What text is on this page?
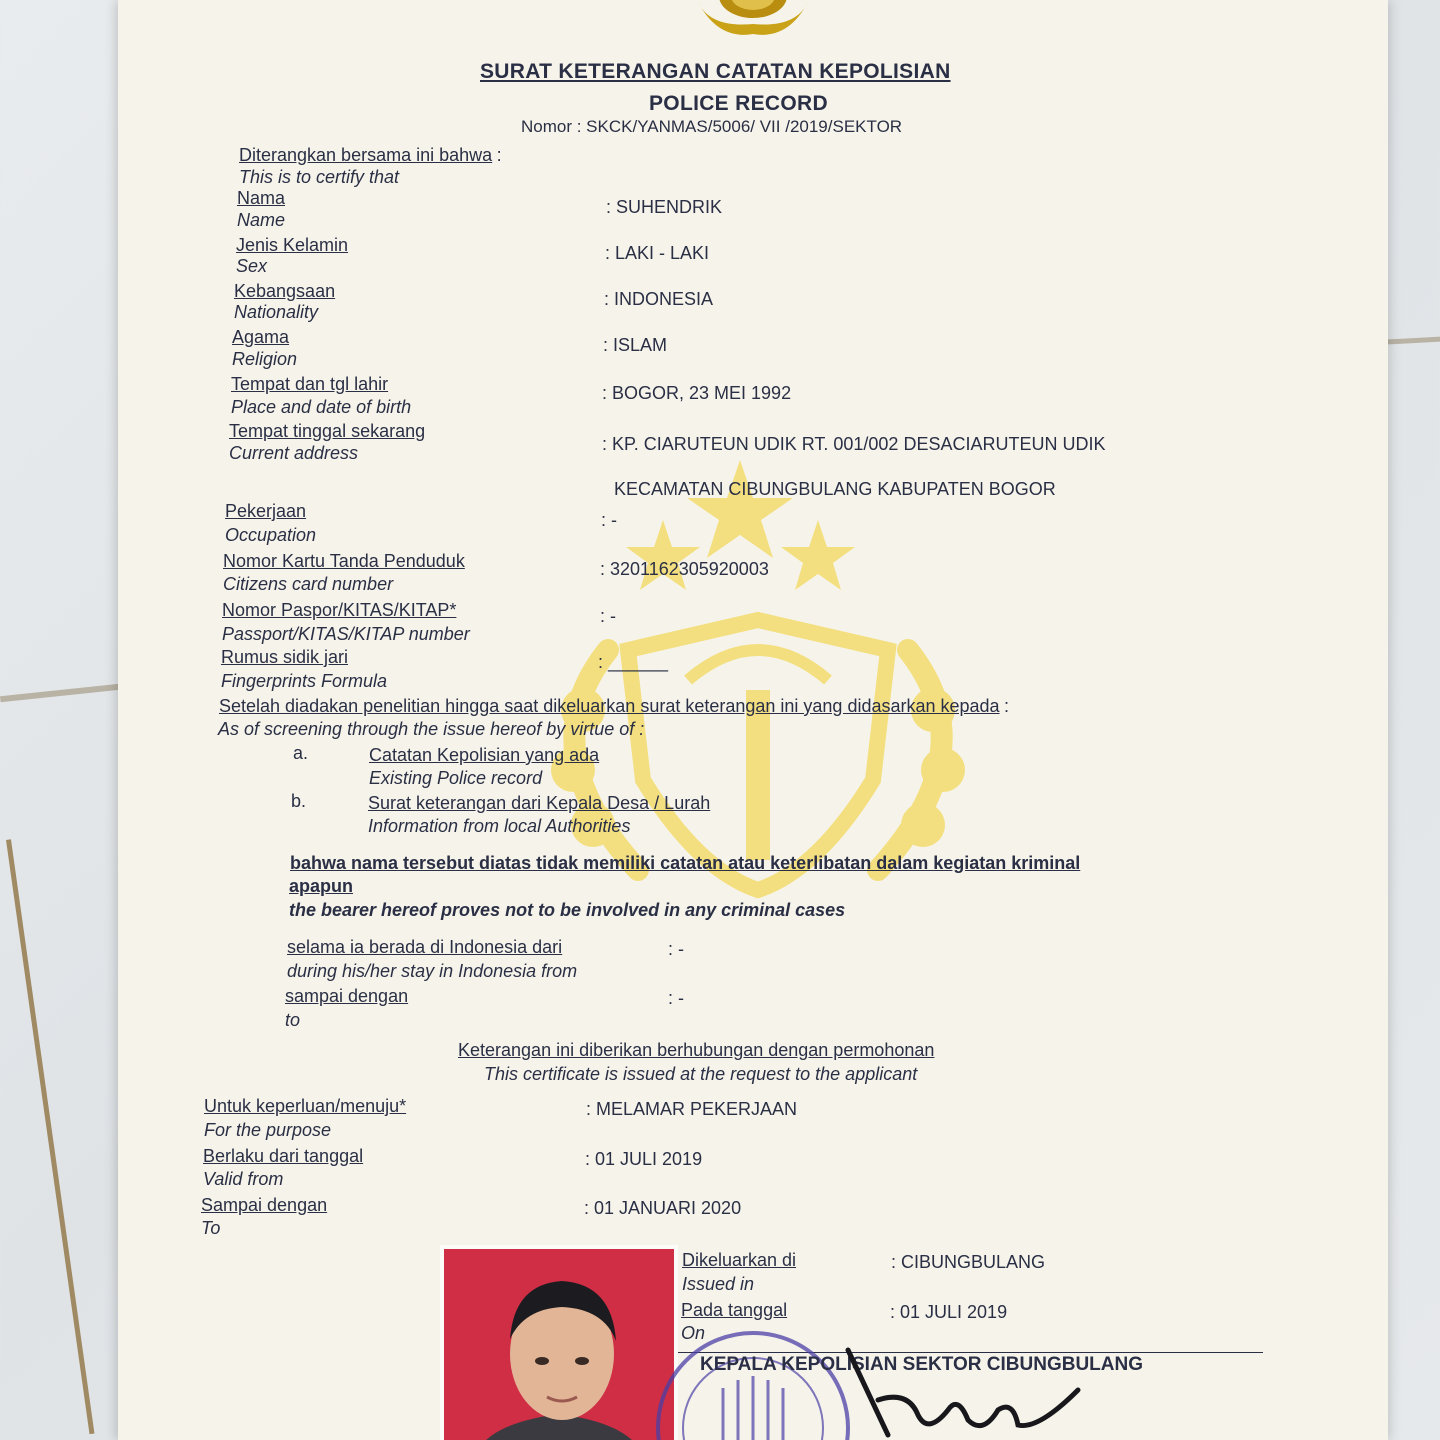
SURAT KETERANGAN CATATAN KEPOLISIAN
POLICE RECORD
Nomor : SKCK/YANMAS/5006/ VII /2019/SEKTOR
Diterangkan bersama ini bahwa :
This is to certify that
Nama
Name
: SUHENDRIK
Jenis Kelamin
Sex
: LAKI - LAKI
Kebangsaan
Nationality
: INDONESIA
Agama
Religion
: ISLAM
Tempat dan tgl lahir
Place and date of birth
: BOGOR, 23 MEI 1992
Tempat tinggal sekarang
Current address	: KP. CIARUTEUN UDIK RT. 001/002 DESACIARUTEUN UDIK
KECAMATAN CIBUNGBULANG KABUPATEN BOGOR
Pekerjaan
Occupation
: -
Nomor Kartu Tanda Penduduk
Citizens card number
: 3201162305920003
Nomor Paspor/KITAS/KITAP*
Passport/KITAS/KITAP number
: -
Rumus sidik jari
Fingerprints Formula
: ______
Setelah diadakan penelitian hingga saat dikeluarkan surat keterangan ini yang didasarkan kepada :
As of screening through the issue hereof by virtue of :
a.	Catatan Kepolisian yang ada
Existing Police record
b.	Surat keterangan dari Kepala Desa / Lurah
Information from local Authorities
bahwa nama tersebut diatas tidak memiliki catatan atau keterlibatan dalam kegiatan kriminal
apapun
the bearer hereof proves not to be involved in any criminal cases
selama ia berada di Indonesia dari
during his/her stay in Indonesia from
: -
sampai dengan
to
: -
Keterangan ini diberikan berhubungan dengan permohonan
This certificate is issued at the request to the applicant
Untuk keperluan/menuju*
For the purpose
: MELAMAR PEKERJAAN
Berlaku dari tanggal
Valid from
: 01 JULI 2019
Sampai dengan
To
: 01 JANUARI 2020
Dikeluarkan di
Issued in
: CIBUNGBULANG
Pada tanggal
On
: 01 JULI 2019
KEPALA KEPOLISIAN SEKTOR CIBUNGBULANG
